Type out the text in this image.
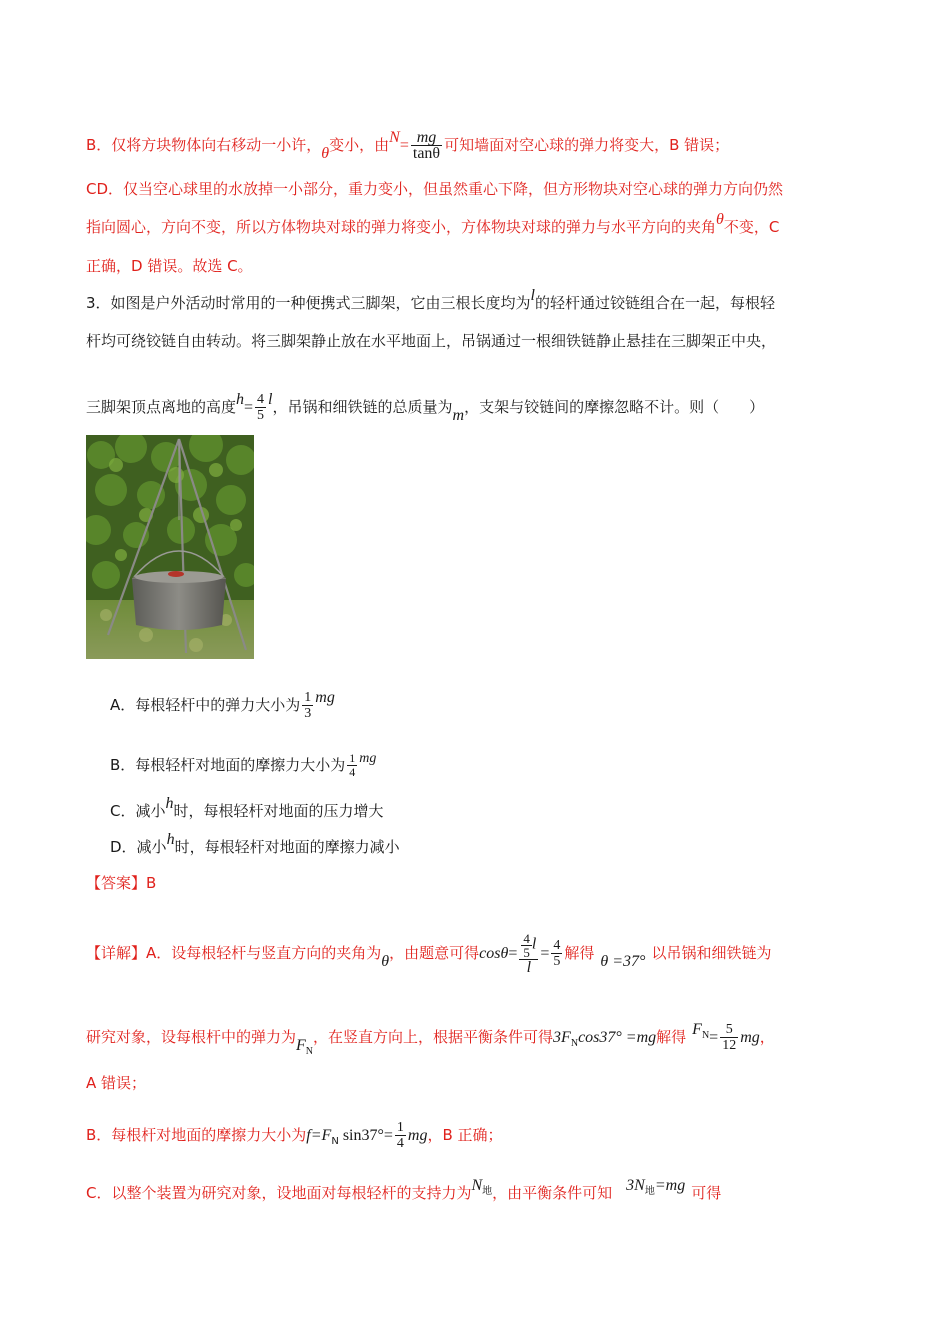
B．仅将方块物体向右移动一小许，θ变小，由$N= \frac{mg}{\tan\theta}$ 可知墙面对空心球的弹力将变大，B 错误；
CD．仅当空心球里的水放掉一小部分，重力变小，但虽然重心下降，但方形物块对空心球的弹力方向仍然
指向圆心，方向不变，所以方体物块对球的弹力将变小，方体物块对球的弹力与水平方向的夹角θ不变，C
正确，D 错误。故选 C。
3．如图是户外活动时常用的一种便携式三脚架，它由三根长度均为l的轻杆通过铰链组合在一起，每根轻
杆均可绕铰链自由转动。将三脚架静止放在水平地面上，吊锅通过一根细铁链静止悬挂在三脚架正中央，
三脚架顶点离地的高度$h= \frac{4}{5}$ l，吊锅和细铁链的总质量为m，支架与铰链间的摩擦忽略不计。则（　　）
A．每根轻杆中的弹力大小为 $\frac{1}{3}$ mg
B．每根轻杆对地面的摩擦力大小为 $\frac{1}{4}$ mg
C．减小h时，每根轻杆对地面的压力增大
D．减小h时，每根轻杆对地面的摩擦力减小
【答案】B
【详解】A．设每根轻杆与竖直方向的夹角为θ，由题意可得$\cos\theta= \frac{\frac{4}{5} l}{l} = \frac{4}{5}$ 解得 θ =37° 以吊锅和细铁链为
研究对象，设每根杆中的弹力为$F_N$，在竖直方向上，根据平衡条件可得$3F_N\cos 37^\circ =mg$解得 $F_N= \frac{5}{12}$ mg，
A 错误；
B．每根杆对地面的摩擦力大小为$f=F_N$ $\sin 37^\circ= \frac{1}{4}$ mg，B 正确；
C．以整个装置为研究对象，设地面对每根轻杆的支持力为$N_地$，由平衡条件可知 $3N_地=mg$ 可得
